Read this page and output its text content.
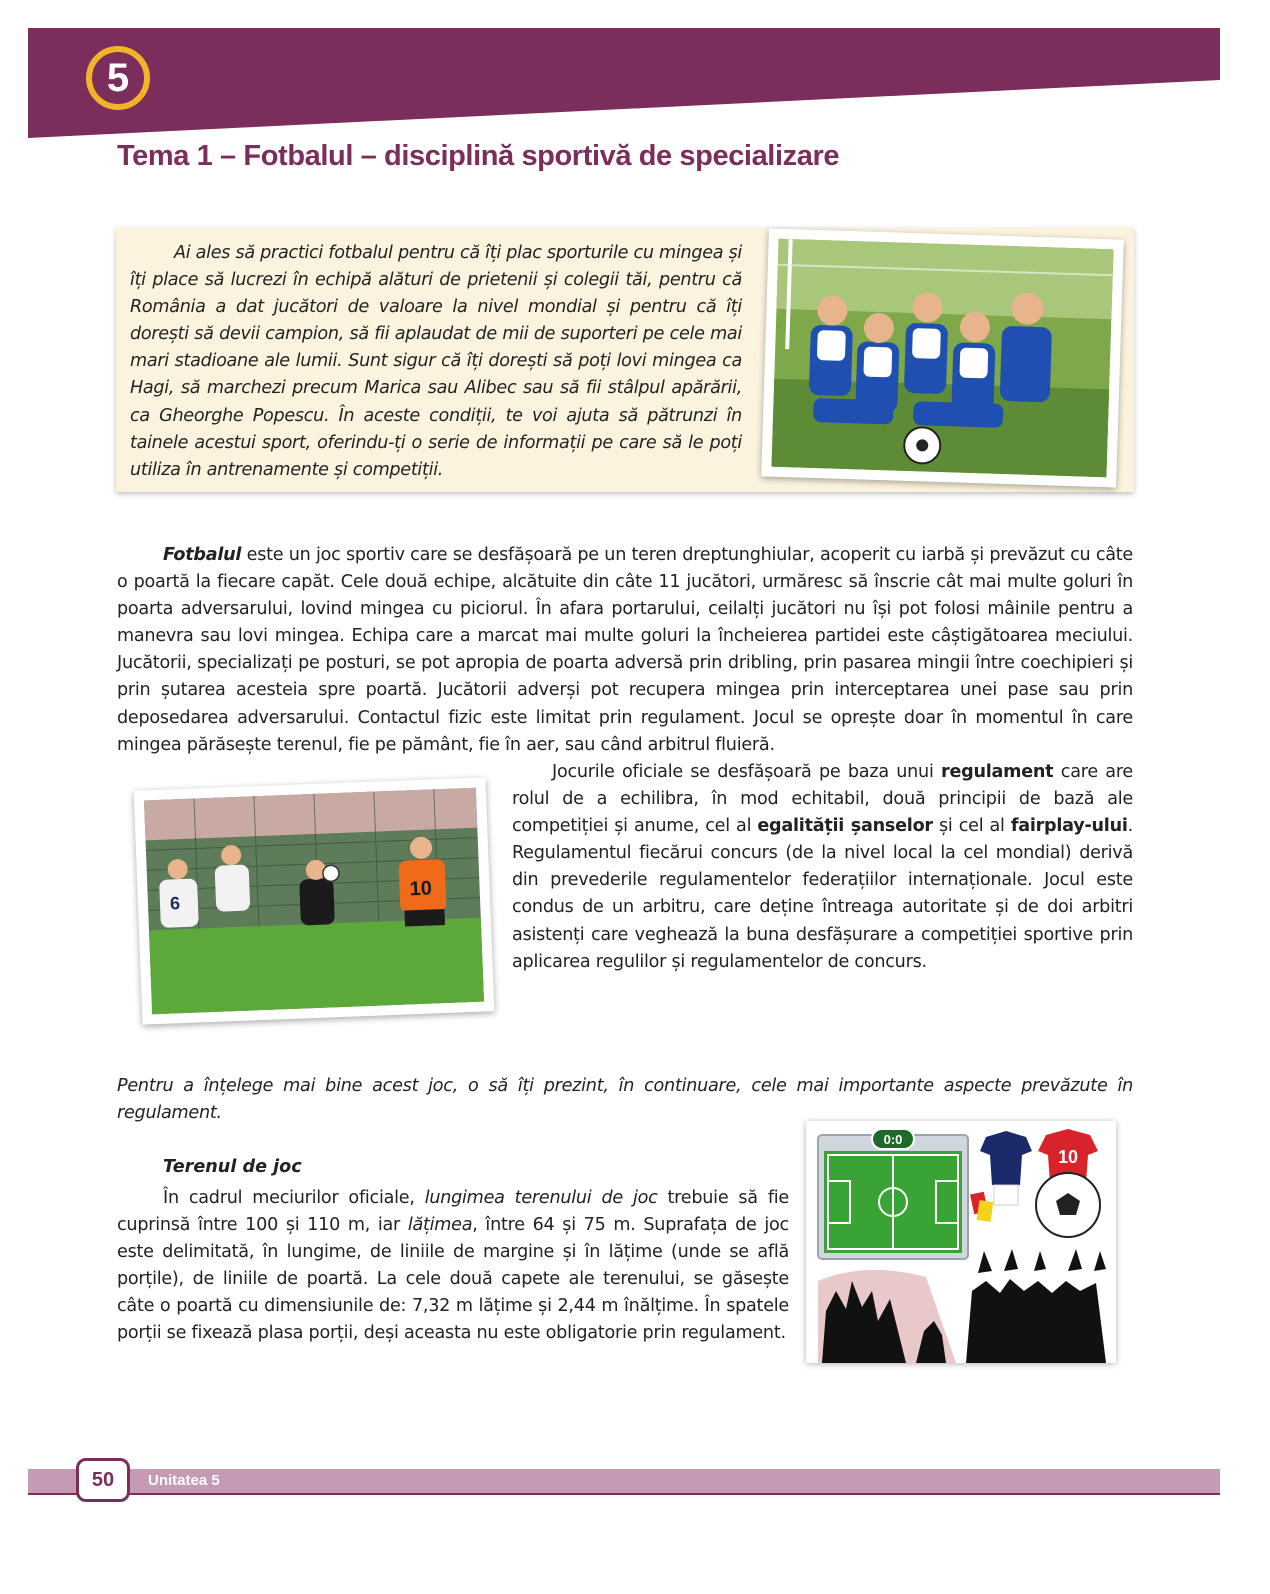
5
Tema 1 – Fotbalul – disciplină sportivă de specializare

Ai ales să practici fotbalul pentru că îți plac sporturile cu mingea și îți place să lucrezi în echipă alături de prietenii și colegii tăi, pentru că România a dat jucători de valoare la nivel mondial și pentru că îți dorești să devii campion, să fii aplaudat de mii de suporteri pe cele mai mari stadioane ale lumii. Sunt sigur că îți dorești să poți lovi mingea ca Hagi, să marchezi precum Marica sau Alibec sau să fii stâlpul apărării, ca Gheorghe Popescu. În aceste condiții, te voi ajuta să pătrunzi în tainele acestui sport, oferindu-ți o serie de informații pe care să le poți utiliza în antrenamente și competiții.

Fotbalul este un joc sportiv care se desfășoară pe un teren dreptunghiular, acoperit cu iarbă și prevăzut cu câte o poartă la fiecare capăt. Cele două echipe, alcătuite din câte 11 jucători, urmăresc să înscrie cât mai multe goluri în poarta adversarului, lovind mingea cu piciorul. În afara portarului, ceilalți jucători nu își pot folosi mâinile pentru a manevra sau lovi mingea. Echipa care a marcat mai multe goluri la încheierea partidei este câștigătoarea meciului. Jucătorii, specializați pe posturi, se pot apropia de poarta adversă prin dribling, prin pasarea mingii între coechipieri și prin șutarea acesteia spre poartă. Jucătorii adverși pot recupera mingea prin interceptarea unei pase sau prin deposedarea adversarului. Contactul fizic este limitat prin regulament. Jocul se oprește doar în momentul în care mingea părăsește terenul, fie pe pământ, fie în aer, sau când arbitrul fluieră.

6
10

Jocurile oficiale se desfășoară pe baza unui regulament care are rolul de a echilibra, în mod echitabil, două principii de bază ale competiției și anume, cel al egalității șanselor și cel al fairplay-ului. Regulamentul fiecărui concurs (de la nivel local la cel mondial) derivă din prevederile regulamentelor federațiilor internaționale. Jocul este condus de un arbitru, care deține întreaga autoritate și de doi arbitri asistenți care veghează la buna desfășurare a competiției sportive prin aplicarea regulilor și regulamentelor de concurs.

Pentru a înțelege mai bine acest joc, o să îți prezint, în continuare, cele mai importante aspecte prevăzute în regulament.

Terenul de joc

În cadrul meciurilor oficiale, lungimea terenului de joc trebuie să fie cuprinsă între 100 și 110 m, iar lățimea, între 64 și 75 m. Suprafața de joc este delimitată, în lungime, de liniile de margine și în lățime (unde se află porțile), de liniile de poartă. La cele două capete ale terenului, se găsește câte o poartă cu dimensiunile de: 7,32 m lățime și 2,44 m înălțime. În spatele porții se fixează plasa porții, deși aceasta nu este obligatorie prin regulament.

0:0
10
50	Unitatea 5
